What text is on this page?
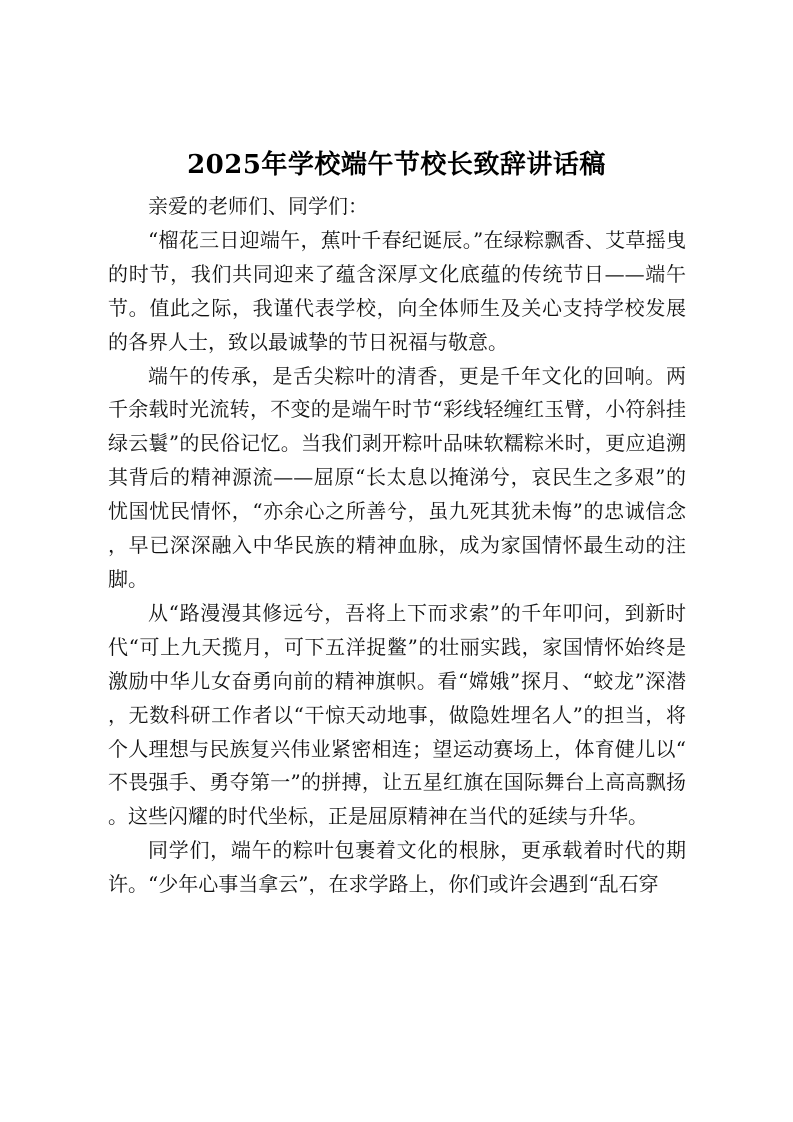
2025年学校端午节校长致辞讲话稿

亲爱的老师们、同学们：

“榴花三日迎端午，蕉叶千春纪诞辰。”在绿粽飘香、艾草摇曳的时节，我们共同迎来了蕴含深厚文化底蕴的传统节日——端午节。值此之际，我谨代表学校，向全体师生及关心支持学校发展的各界人士，致以最诚挚的节日祝福与敬意。

端午的传承，是舌尖粽叶的清香，更是千年文化的回响。两千余载时光流转，不变的是端午时节“彩线轻缠红玉臂，小符斜挂绿云鬟”的民俗记忆。当我们剥开粽叶品味软糯粽米时，更应追溯其背后的精神源流——屈原“长太息以掩涕兮，哀民生之多艰”的忧国忧民情怀，“亦余心之所善兮，虽九死其犹未悔”的忠诚信念，早已深深融入中华民族的精神血脉，成为家国情怀最生动的注脚。

从“路漫漫其修远兮，吾将上下而求索”的千年叩问，到新时代“可上九天揽月，可下五洋捉鳖”的壮丽实践，家国情怀始终是激励中华儿女奋勇向前的精神旗帜。看“嫦娥”探月、“蛟龙”深潜，无数科研工作者以“干惊天动地事，做隐姓埋名人”的担当，将个人理想与民族复兴伟业紧密相连；望运动赛场上，体育健儿以“不畏强手、勇夺第一”的拼搏，让五星红旗在国际舞台上高高飘扬。这些闪耀的时代坐标，正是屈原精神在当代的延续与升华。

同学们，端午的粽叶包裹着文化的根脉，更承载着时代的期许。“少年心事当拿云”，在求学路上，你们或许会遇到“乱石穿
